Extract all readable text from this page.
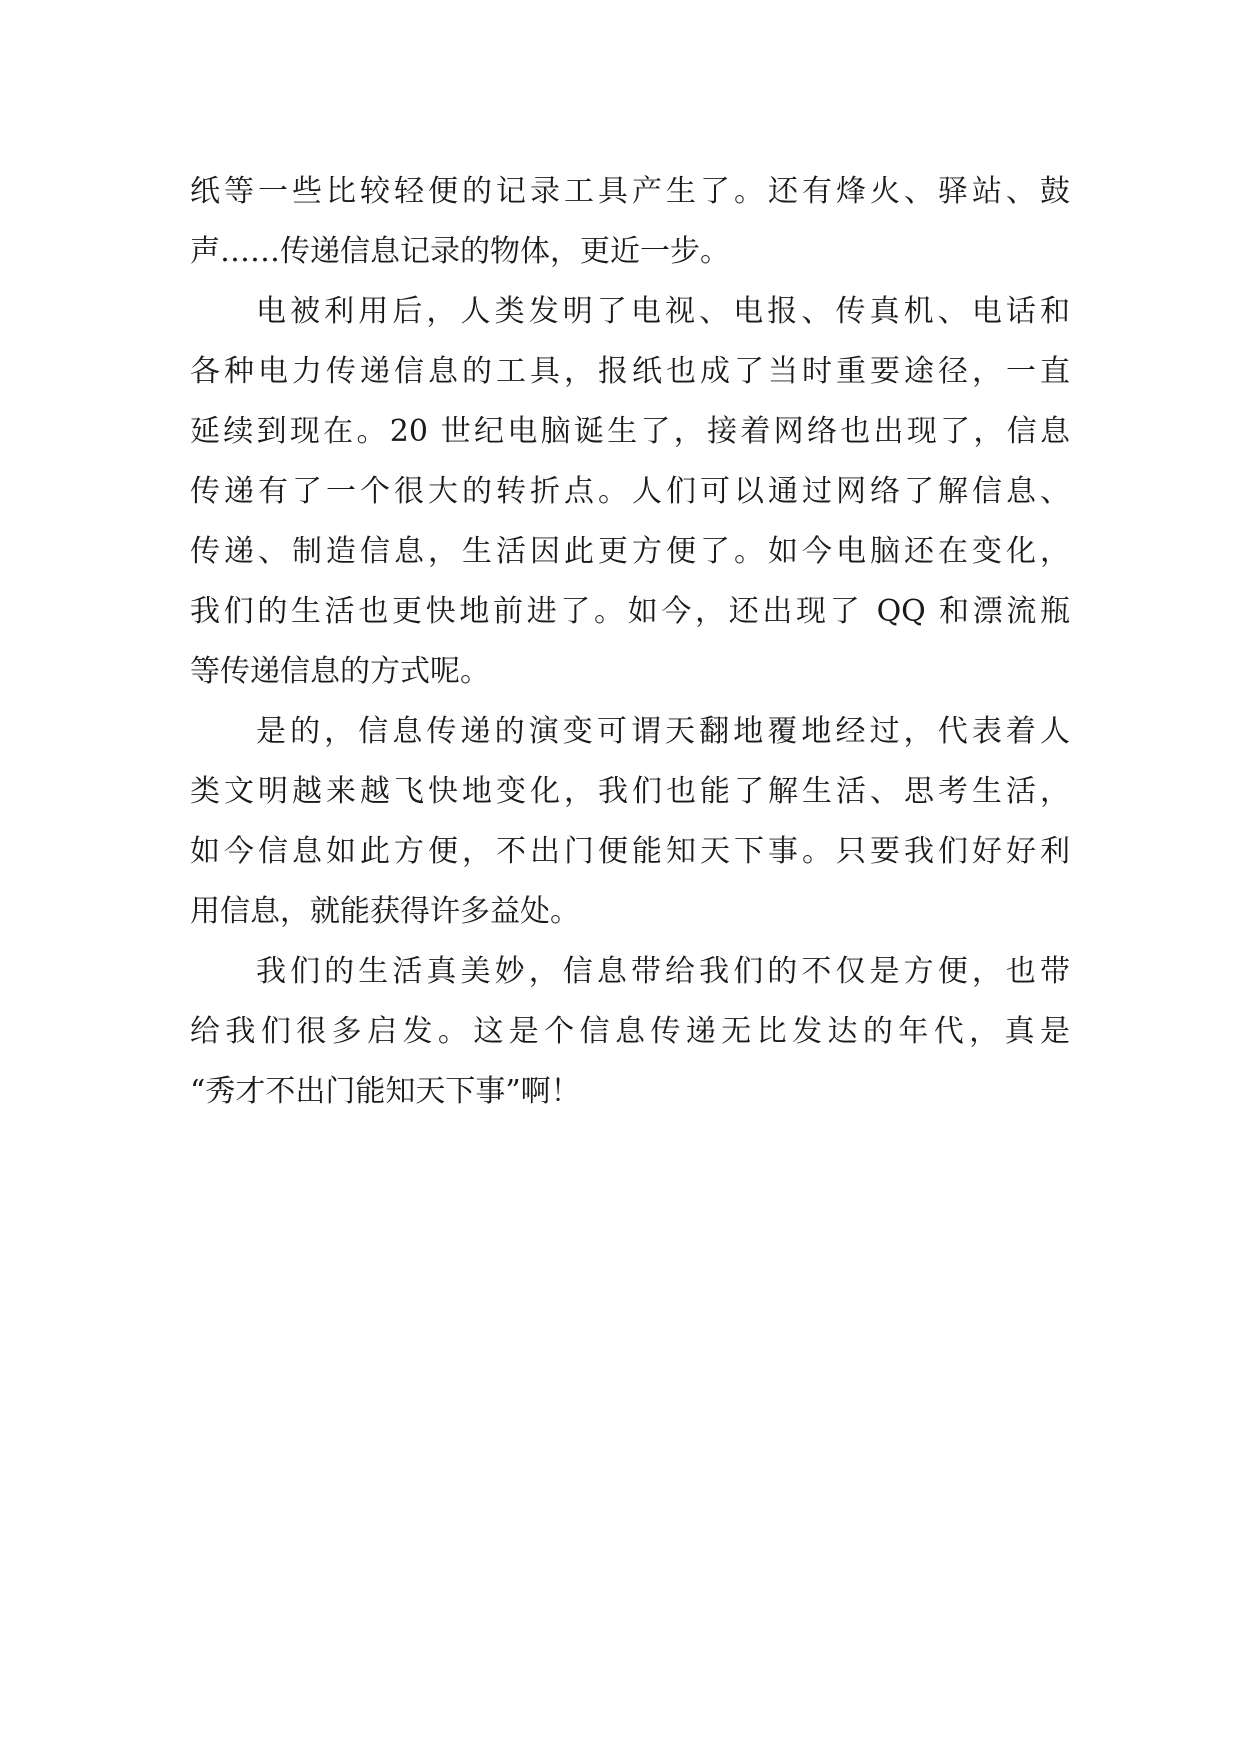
纸等一些比较轻便的记录工具产生了。还有烽火、驿站、鼓
声……传递信息记录的物体，更近一步。
电被利用后，人类发明了电视、电报、传真机、电话和
各种电力传递信息的工具，报纸也成了当时重要途径，一直
延续到现在。20 世纪电脑诞生了，接着网络也出现了，信息
传递有了一个很大的转折点。人们可以通过网络了解信息、
传递、制造信息，生活因此更方便了。如今电脑还在变化，
我们的生活也更快地前进了。如今，还出现了 QQ 和漂流瓶
等传递信息的方式呢。
是的，信息传递的演变可谓天翻地覆地经过，代表着人
类文明越来越飞快地变化，我们也能了解生活、思考生活，
如今信息如此方便，不出门便能知天下事。只要我们好好利
用信息，就能获得许多益处。
我们的生活真美妙，信息带给我们的不仅是方便，也带
给我们很多启发。这是个信息传递无比发达的年代，真是
“秀才不出门能知天下事”啊！
